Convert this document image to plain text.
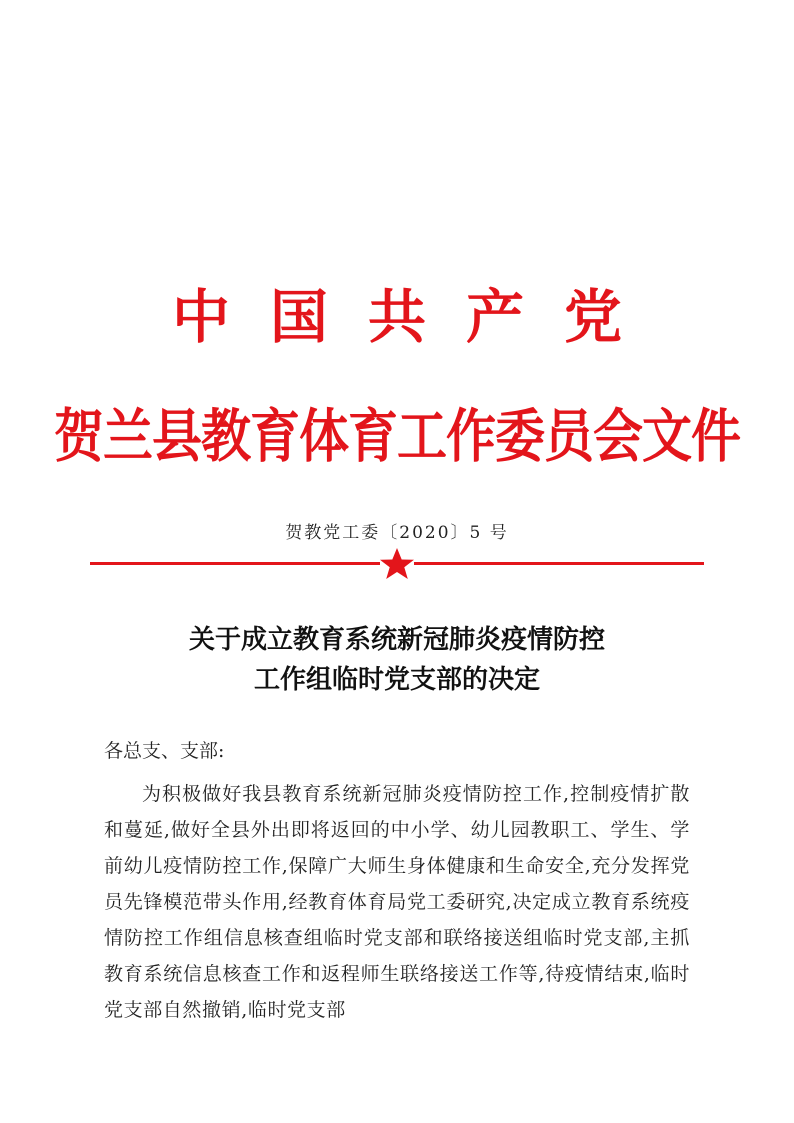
中国共产党
贺兰县教育体育工作委员会文件
贺教党工委〔2020〕5 号
关于成立教育系统新冠肺炎疫情防控
工作组临时党支部的决定
各总支、支部:

为积极做好我县教育系统新冠肺炎疫情防控工作,控制疫情扩散和蔓延,做好全县外出即将返回的中小学、幼儿园教职工、学生、学前幼儿疫情防控工作,保障广大师生身体健康和生命安全,充分发挥党员先锋模范带头作用,经教育体育局党工委研究,决定成立教育系统疫情防控工作组信息核查组临时党支部和联络接送组临时党支部,主抓教育系统信息核查工作和返程师生联络接送工作等,待疫情结束,临时党支部自然撤销,临时党支部
